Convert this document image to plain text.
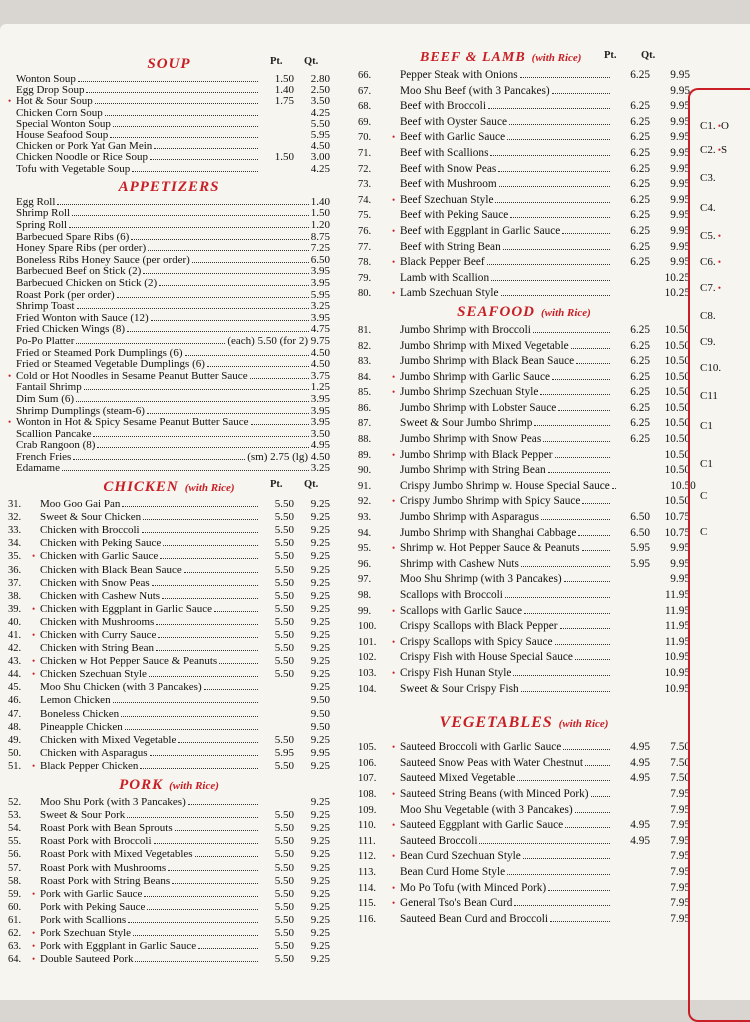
SOUP	Pt. Qt.
Wonton Soup	1.50	2.80
Egg Drop Soup	1.40	2.50
• Hot & Sour Soup	1.75	3.50
Chicken Corn Soup	4.25
Special Wonton Soup	5.50
House Seafood Soup	5.95
Chicken or Pork Yat Gan Mein	4.50
Chicken Noodle or Rice Soup	1.50	3.00
Tofu with Vegetable Soup	4.25
APPETIZERS
Egg Roll	1.40
Shrimp Roll	1.50
Spring Roll	1.20
Barbecued Spare Ribs (6)	8.75
Honey Spare Ribs (per order)	7.25
Boneless Ribs Honey Sauce (per order)	6.50
Barbecued Beef on Stick (2)	3.95
Barbecued Chicken on Stick (2)	3.95
Roast Pork (per order)	5.95
Shrimp Toast	3.25
Fried Wonton with Sauce (12)	3.95
Fried Chicken Wings (8)	4.75
Po-Po Platter	(each) 5.50 (for 2) 9.75
Fried or Steamed Pork Dumplings (6)	4.50
Fried or Steamed Vegetable Dumplings (6)	4.50
• Cold or Hot Noodles in Sesame Peanut Butter Sauce	3.75
Fantail Shrimp	1.25
Dim Sum (6)	3.95
Shrimp Dumplings (steam-6)	3.95
• Wonton in Hot & Spicy Sesame Peanut Butter Sauce	3.95
Scallion Pancake	3.50
Crab Rangoon (8)	4.95
French Fries	(sm) 2.75 (lg) 4.50
Edamame	3.25
CHICKEN (with Rice)	Pt. Qt.
31.	Moo Goo Gai Pan	5.50	9.25
32.	Sweet & Sour Chicken	5.50	9.25
33.	Chicken with Broccoli	5.50	9.25
34.	Chicken with Peking Sauce	5.50	9.25
35.	• Chicken with Garlic Sauce	5.50	9.25
36.	Chicken with Black Bean Sauce	5.50	9.25
37.	Chicken with Snow Peas	5.50	9.25
38.	Chicken with Cashew Nuts	5.50	9.25
39.	• Chicken with Eggplant in Garlic Sauce	5.50	9.25
40.	Chicken with Mushrooms	5.50	9.25
41.	• Chicken with Curry Sauce	5.50	9.25
42.	Chicken with String Bean	5.50	9.25
43.	• Chicken w Hot Pepper Sauce & Peanuts	5.50	9.25
44.	• Chicken Szechuan Style	5.50	9.25
45.	Moo Shu Chicken (with 3 Pancakes)	9.25
46.	Lemon Chicken	9.50
47.	Boneless Chicken	9.50
48.	Pineapple Chicken	9.50
49.	Chicken with Mixed Vegetable	5.50	9.25
50.	Chicken with Asparagus	5.95	9.95
51.	• Black Pepper Chicken	5.50	9.25
PORK (with Rice)
52.	Moo Shu Pork (with 3 Pancakes)	9.25
53.	Sweet & Sour Pork	5.50	9.25
54.	Roast Pork with Bean Sprouts	5.50	9.25
55.	Roast Pork with Broccoli	5.50	9.25
56.	Roast Pork with Mixed Vegetables	5.50	9.25
57.	Roast Pork with Mushrooms	5.50	9.25
58.	Roast Pork with String Beans	5.50	9.25
59.	• Pork with Garlic Sauce	5.50	9.25
60.	Pork with Peking Sauce	5.50	9.25
61.	Pork with Scallions	5.50	9.25
62.	• Pork Szechuan Style	5.50	9.25
63.	• Pork with Eggplant in Garlic Sauce	5.50	9.25
64.	• Double Sauteed Pork	5.50	9.25
BEEF & LAMB (with Rice)	Pt. Qt.
66.	Pepper Steak with Onions	6.25	9.95
67.	Moo Shu Beef (with 3 Pancakes)	9.95
68.	Beef with Broccoli	6.25	9.95
69.	Beef with Oyster Sauce	6.25	9.95
70.	• Beef with Garlic Sauce	6.25	9.95
71.	Beef with Scallions	6.25	9.95
72.	Beef with Snow Peas	6.25	9.95
73.	Beef with Mushroom	6.25	9.95
74.	• Beef Szechuan Style	6.25	9.95
75.	Beef with Peking Sauce	6.25	9.95
76.	• Beef with Eggplant in Garlic Sauce	6.25	9.95
77.	Beef with String Bean	6.25	9.95
78.	• Black Pepper Beef	6.25	9.95
79.	Lamb with Scallion	10.25
80.	• Lamb Szechuan Style	10.25
SEAFOOD (with Rice)
81.	Jumbo Shrimp with Broccoli	6.25	10.50
82.	Jumbo Shrimp with Mixed Vegetable	6.25	10.50
83.	Jumbo Shrimp with Black Bean Sauce	6.25	10.50
84.	• Jumbo Shrimp with Garlic Sauce	6.25	10.50
85.	• Jumbo Shrimp Szechuan Style	6.25	10.50
86.	Jumbo Shrimp with Lobster Sauce	6.25	10.50
87.	Sweet & Sour Jumbo Shrimp	6.25	10.50
88.	Jumbo Shrimp with Snow Peas	6.25	10.50
89.	• Jumbo Shrimp with Black Pepper	10.50
90.	Jumbo Shrimp with String Bean	10.50
91.	Crispy Jumbo Shrimp w. House Special Sauce	10.50
92.	• Crispy Jumbo Shrimp with Spicy Sauce	10.50
93.	Jumbo Shrimp with Asparagus	6.50	10.75
94.	Jumbo Shrimp with Shanghai Cabbage	6.50	10.75
95.	• Shrimp w. Hot Pepper Sauce & Peanuts	5.95	9.95
96.	Shrimp with Cashew Nuts	5.95	9.95
97.	Moo Shu Shrimp (with 3 Pancakes)	9.95
98.	Scallops with Broccoli	11.95
99.	• Scallops with Garlic Sauce	11.95
100.	Crispy Scallops with Black Pepper	11.95
101.	• Crispy Scallops with Spicy Sauce	11.95
102.	Crispy Fish with House Special Sauce	10.95
103.	• Crispy Fish Hunan Style	10.95
104.	Sweet & Sour Crispy Fish	10.95
VEGETABLES (with Rice)
105.	• Sauteed Broccoli with Garlic Sauce	4.95	7.50
106.	Sauteed Snow Peas with Water Chestnut	4.95	7.50
107.	Sauteed Mixed Vegetable	4.95	7.50
108.	• Sauteed String Beans (with Minced Pork)	7.95
109.	Moo Shu Vegetable (with 3 Pancakes)	7.95
110.	• Sauteed Eggplant with Garlic Sauce	4.95	7.95
111.	Sauteed Broccoli	4.95	7.95
112.	• Bean Curd Szechuan Style	7.95
113.	Bean Curd Home Style	7.95
114.	• Mo Po Tofu (with Minced Pork)	7.95
115.	• General Tso's Bean Curd	7.95
116.	Sauteed Bean Curd and Broccoli	7.95
C1. •O
C2. •S
C3.
C4.
C5. •
C6. •
C7. •
C8.
C9.
C10.
C11
C1
C1
C
C
